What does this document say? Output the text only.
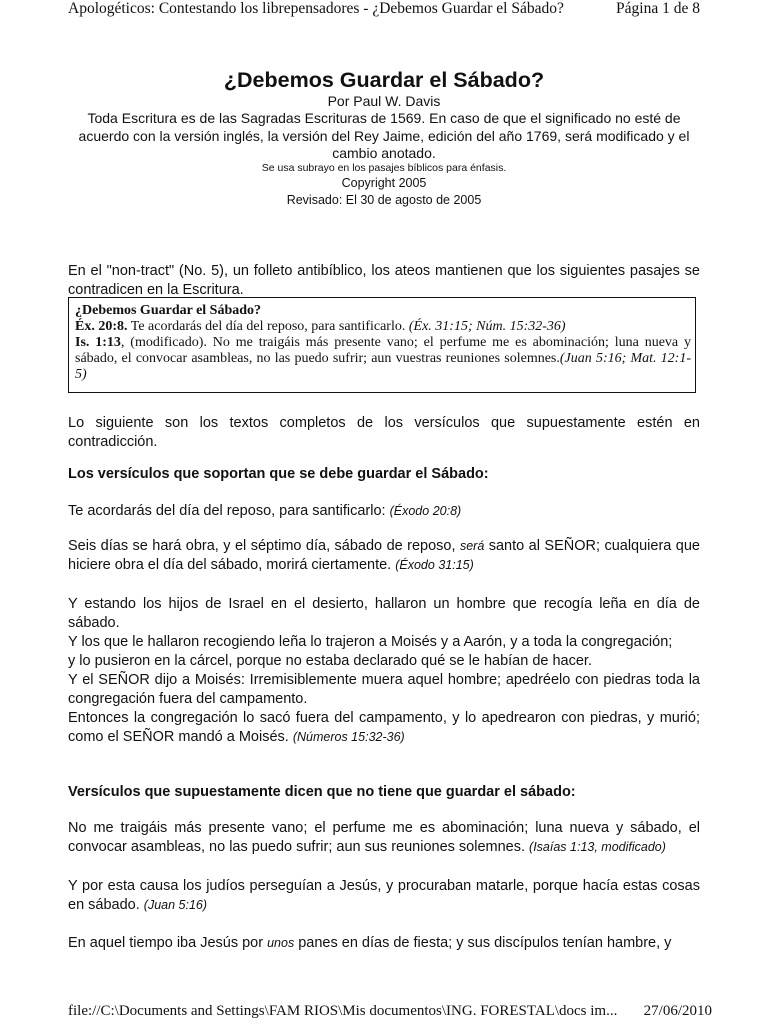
Apologéticos: Contestando los librepensadores - ¿Debemos Guardar el Sábado?	Página 1 de 8
¿Debemos Guardar el Sábado?
Por Paul W. Davis
Toda Escritura es de las Sagradas Escrituras de 1569. En caso de que el significado no esté de acuerdo con la versión inglés, la versión del Rey Jaime, edición del año 1769, será modificado y el cambio anotado.
Se usa subrayo en los pasajes bíblicos para énfasis.
Copyright 2005
Revisado: El 30 de agosto de 2005
En el "non-tract" (No. 5), un folleto antibíblico, los ateos mantienen que los siguientes pasajes se contradicen en la Escritura.
¿Debemos Guardar el Sábado?
Éx. 20:8. Te acordarás del día del reposo, para santificarlo. (Éx. 31:15; Núm. 15:32-36)
Is. 1:13, (modificado). No me traigáis más presente vano; el perfume me es abominación; luna nueva y sábado, el convocar asambleas, no las puedo sufrir; aun vuestras reuniones solemnes.(Juan 5:16; Mat. 12:1-5)
Lo siguiente son los textos completos de los versículos que supuestamente estén en contradicción.
Los versículos que soportan que se debe guardar el Sábado:
Te acordarás del día del reposo, para santificarlo: (Éxodo 20:8)
Seis días se hará obra, y el séptimo día, sábado de reposo, será santo al SEÑOR; cualquiera que hiciere obra el día del sábado, morirá ciertamente. (Éxodo 31:15)
Y estando los hijos de Israel en el desierto, hallaron un hombre que recogía leña en día de sábado.
Y los que le hallaron recogiendo leña lo trajeron a Moisés y a Aarón, y a toda la congregación;
y lo pusieron en la cárcel, porque no estaba declarado qué se le habían de hacer.
Y el SEÑOR dijo a Moisés: Irremisiblemente muera aquel hombre; apedréelo con piedras toda la congregación fuera del campamento.
Entonces la congregación lo sacó fuera del campamento, y lo apedrearon con piedras, y murió; como el SEÑOR mandó a Moisés. (Números 15:32-36)
Versículos que supuestamente dicen que no tiene que guardar el sábado:
No me traigáis más presente vano; el perfume me es abominación; luna nueva y sábado, el convocar asambleas, no las puedo sufrir; aun sus reuniones solemnes. (Isaías 1:13, modificado)
Y por esta causa los judíos perseguían a Jesús, y procuraban matarle, porque hacía estas cosas en sábado. (Juan 5:16)
En aquel tiempo iba Jesús por unos panes en días de fiesta; y sus discípulos tenían hambre, y
file://C:\Documents and Settings\FAM RIOS\Mis documentos\ING. FORESTAL\docs im... 27/06/2010
